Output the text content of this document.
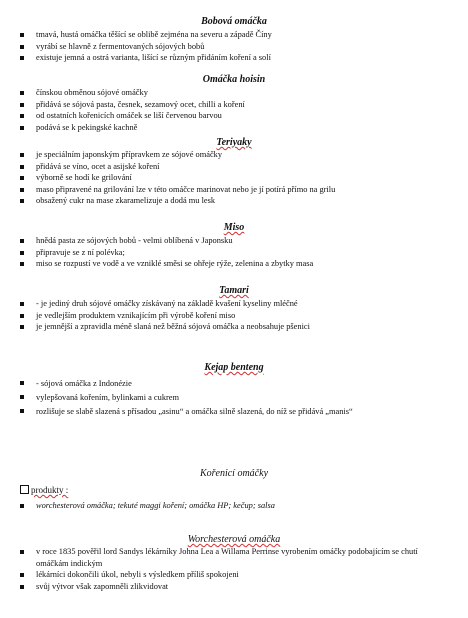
Bobová omáčka
tmavá, hustá omáčka těšící se oblibě zejména na severu a západě Číny
vyrábí se hlavně z fermentovaných sójových bobů
existuje jemná a ostrá varianta, lišící se různým přidáním koření a solí
Omáčka hoisin
čínskou obměnou sójové omáčky
přidává se sójová pasta, česnek, sezamový ocet, chilli a koření
od ostatních kořenicích omáček se liší červenou barvou
podává se k pekingské kachně
Teriyaky
je speciálním japonským přípravkem ze sójové omáčky
přidává se víno, ocet a asijské koření
výborně se hodí ke grilování
maso připravené na grilování lze v této omáčce marinovat nebo je jí potírá přímo na grilu
obsažený cukr na mase zkaramelizuje a dodá mu lesk
Miso
hnědá pasta ze sójových bobů - velmi oblíbená v Japonsku
připravuje se z ní polévka;
miso se rozpustí ve vodě a ve vzniklé směsi se ohřeje rýže, zelenina a zbytky masa
Tamari
- je jediný druh sójové omáčky získávaný na základě kvašení kyseliny mléčné
je vedlejším produktem vznikajícím při výrobě koření miso
je jemnější a zpravidla méně slaná než běžná sójová omáčka a neobsahuje pšenici
Kejap benteng
- sójová omáčka z Indonézie
vylepšovaná kořením, bylinkami a cukrem
rozlišuje se slabě slazená s přísadou „asinu“ a omáčka silně slazená, do níž se přidává „manis“
Kořenicí omáčky
produkty :
worchesterová omáčka; tekuté maggi koření; omáčka HP; kečup; salsa
Worchesterová omáčka
v roce 1835 pověřil lord Sandys lékárníky Johna Lea a Willama Perrinse vyrobením omáčky podobajícím se chutí omáčkám indickým
lékárníci dokončili úkol, nebyli s výsledkem příliš spokojeni
svůj výtvor však zapomněli zlikvidovat
